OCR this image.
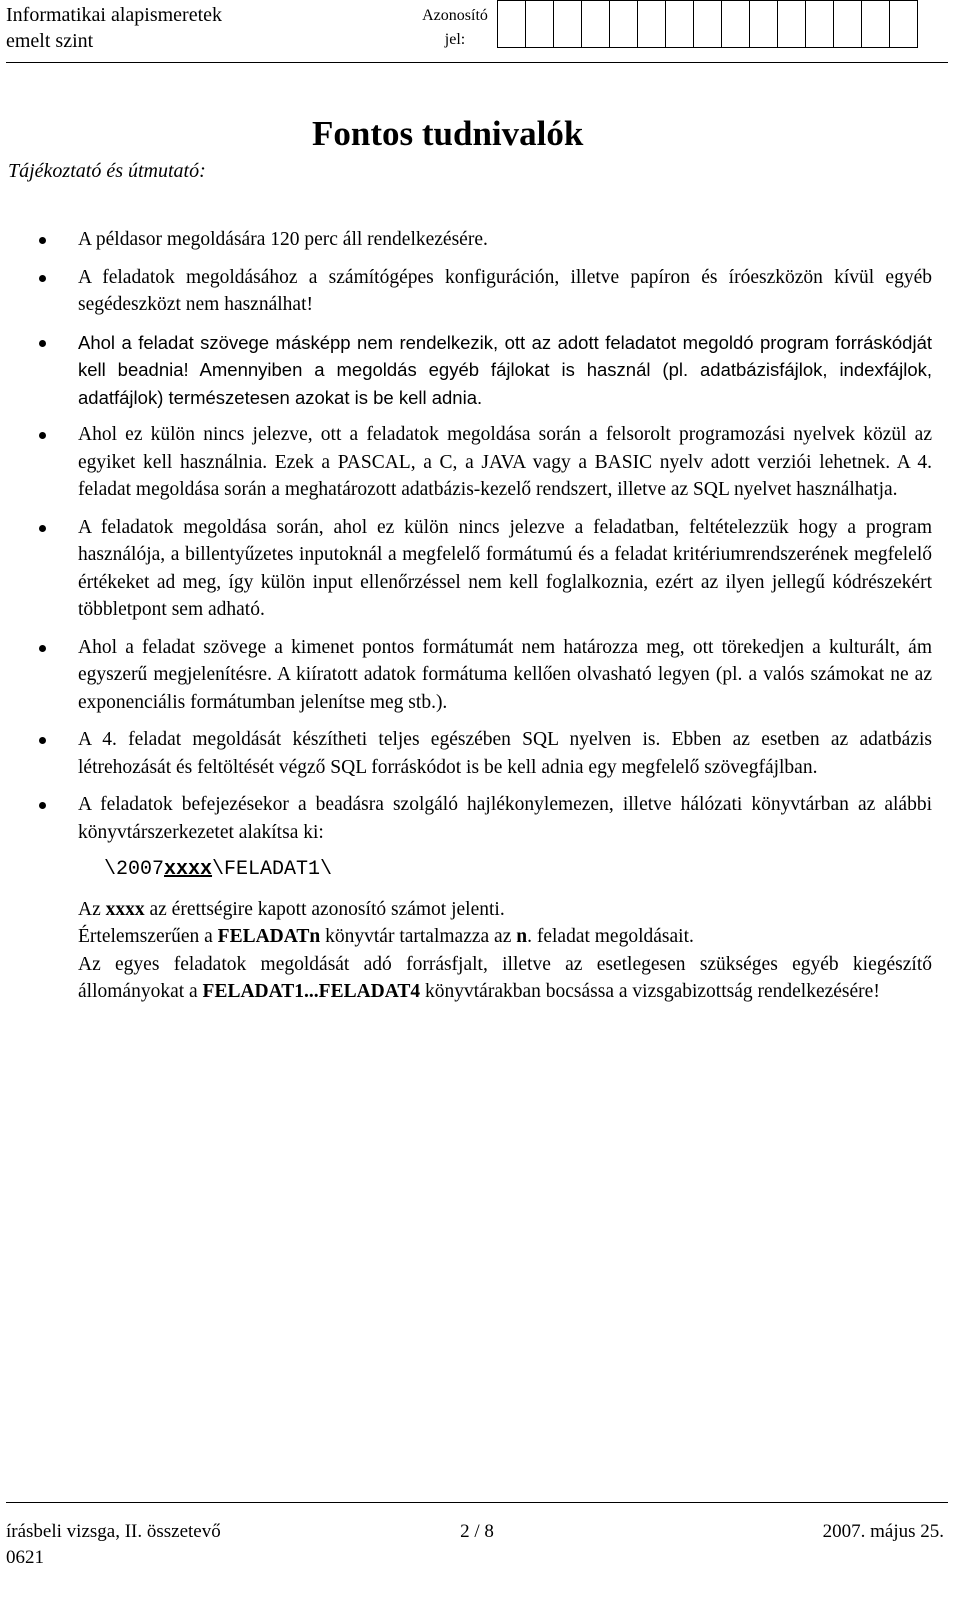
Informatikai alapismeretek
emelt szint
Azonosító
jel:
Tájékoztató és útmutató:
Fontos tudnivalók
A példasor megoldására 120 perc áll rendelkezésére.
A feladatok megoldásához a számítógépes konfiguráción, illetve papíron és íróeszközön kívül egyéb segédeszközt nem használhat!
Ahol a feladat szövege másképp nem rendelkezik, ott az adott feladatot megoldó program forráskódját kell beadnia! Amennyiben a megoldás egyéb fájlokat is használ (pl. adatbázisfájlok, indexfájlok, adatfájlok) természetesen azokat is be kell adnia.
Ahol ez külön nincs jelezve, ott a feladatok megoldása során a felsorolt programozási nyelvek közül az egyiket kell használnia. Ezek a PASCAL, a C, a JAVA vagy a BASIC nyelv adott verziói lehetnek. A 4. feladat megoldása során a meghatározott adatbázis-kezelő rendszert, illetve az SQL nyelvet használhatja.
A feladatok megoldása során, ahol ez külön nincs jelezve a feladatban, feltételezzük hogy a program használója, a billentyűzetes inputoknál a megfelelő formátumú és a feladat kritériumrendszerének megfelelő értékeket ad meg, így külön input ellenőrzéssel nem kell foglalkoznia, ezért az ilyen jellegű kódrészekért többletpont sem adható.
Ahol a feladat szövege a kimenet pontos formátumát nem határozza meg, ott törekedjen a kulturált, ám egyszerű megjelenítésre. A kiíratott adatok formátuma kellően olvasható legyen (pl. a valós számokat ne az exponenciális formátumban jelenítse meg stb.).
A 4. feladat megoldását készítheti teljes egészében SQL nyelven is. Ebben az esetben az adatbázis létrehozását és feltöltését végző SQL forráskódot is be kell adnia egy megfelelő szövegfájlban.
A feladatok befejezésekor a beadásra szolgáló hajlékonylemezen, illetve hálózati könyvtárban az alábbi könyvtárszerkezetet alakítsa ki:
\2007xxxx\FELADAT1\

Az xxxx az érettségire kapott azonosító számot jelenti.

Értelemszerűen a FELADATn könyvtár tartalmazza az n. feladat megoldásait.

Az egyes feladatok megoldását adó forrásfjalt, illetve az esetlegesen szükséges egyéb kiegészítő állományokat a FELADAT1...FELADAT4 könyvtárakban bocsássa a vizsgabizottság rendelkezésére!

írásbeli vizsga, II. összetevő	2 / 8	2007. május 25.
0621
